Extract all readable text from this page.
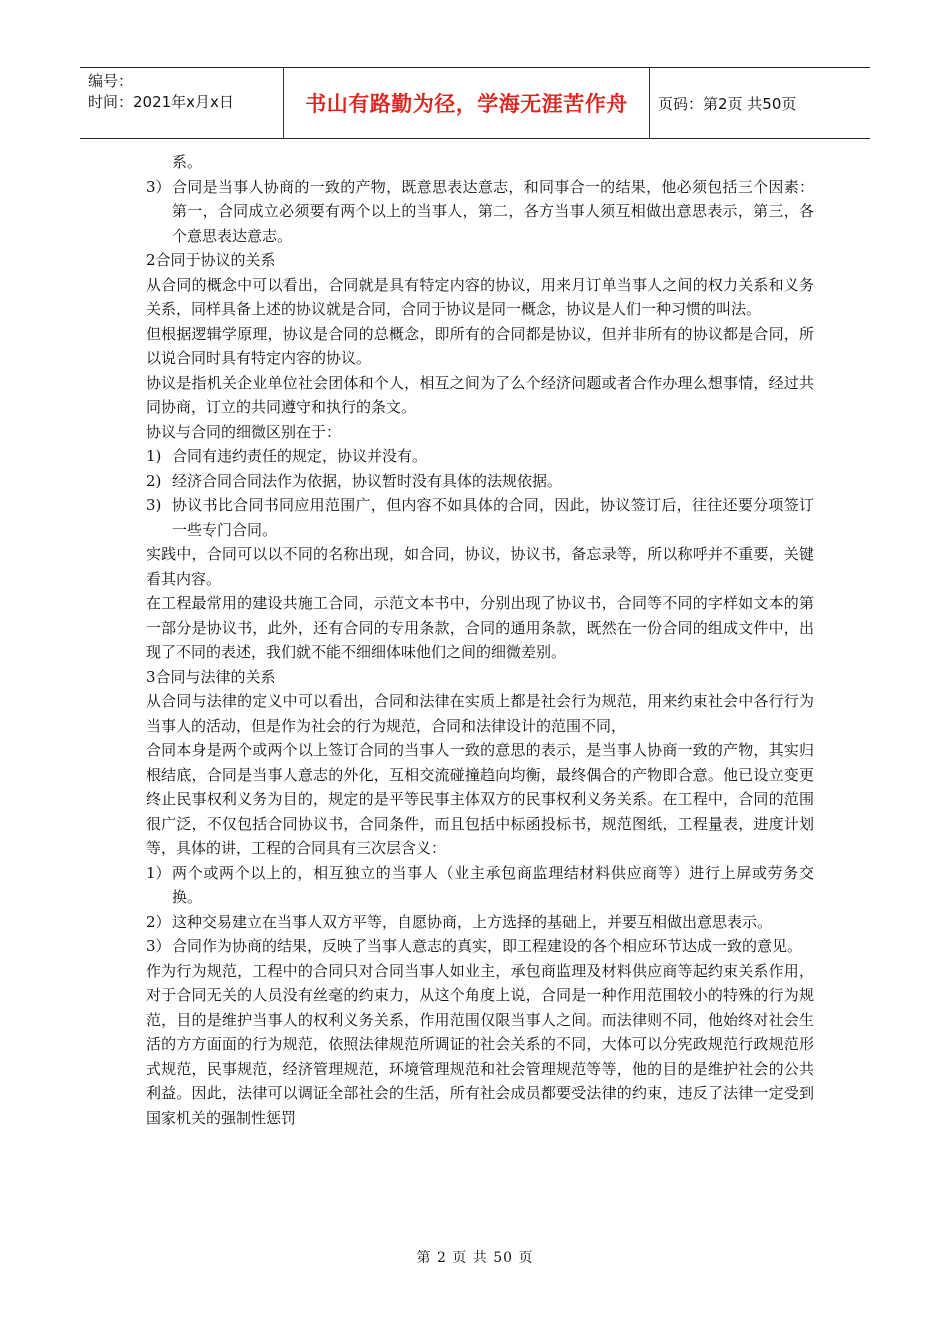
编号：
时间：2021年x月x日	书山有路勤为径，学海无涯苦作舟	页码：第2页 共50页

系。

3） 合同是当事人协商的一致的产物，既意思表达意志，和同事合一的结果，他必须包括三个因素：第一，合同成立必须要有两个以上的当事人，第二，各方当事人须互相做出意思表示，第三，各个意思表达意志。

2合同于协议的关系

从合同的概念中可以看出，合同就是具有特定内容的协议，用来月订单当事人之间的权力关系和义务关系，同样具备上述的协议就是合同，合同于协议是同一概念，协议是人们一种习惯的叫法。

但根据逻辑学原理，协议是合同的总概念，即所有的合同都是协议，但并非所有的协议都是合同，所以说合同时具有特定内容的协议。

协议是指机关企业单位社会团体和个人，相互之间为了么个经济问题或者合作办理么想事情，经过共同协商，订立的共同遵守和执行的条文。

协议与合同的细微区别在于：

1) 合同有违约责任的规定，协议并没有。
2) 经济合同合同法作为依据，协议暂时没有具体的法规依据。
3) 协议书比合同书同应用范围广，但内容不如具体的合同，因此，协议签订后，往往还要分项签订一些专门合同。

实践中，合同可以以不同的名称出现，如合同，协议，协议书，备忘录等，所以称呼并不重要，关键看其内容。

在工程最常用的建设共施工合同，示范文本书中，分别出现了协议书，合同等不同的字样如文本的第一部分是协议书，此外，还有合同的专用条款，合同的通用条款，既然在一份合同的组成文件中，出现了不同的表述，我们就不能不细细体味他们之间的细微差别。

3合同与法律的关系

从合同与法律的定义中可以看出，合同和法律在实质上都是社会行为规范，用来约束社会中各行行为当事人的活动，但是作为社会的行为规范，合同和法律设计的范围不同，

合同本身是两个或两个以上签订合同的当事人一致的意思的表示，是当事人协商一致的产物，其实归根结底，合同是当事人意志的外化，互相交流碰撞趋向均衡，最终偶合的产物即合意。他已设立变更终止民事权利义务为目的，规定的是平等民事主体双方的民事权利义务关系。在工程中，合同的范围很广泛，不仅包括合同协议书，合同条件，而且包括中标函投标书，规范图纸，工程量表，进度计划等，具体的讲，工程的合同具有三次层含义：

1） 两个或两个以上的，相互独立的当事人（业主承包商监理结材料供应商等）进行上屏或劳务交换。
2） 这种交易建立在当事人双方平等，自愿协商，上方选择的基础上，并要互相做出意思表示。
3） 合同作为协商的结果，反映了当事人意志的真实，即工程建设的各个相应环节达成一致的意见。

作为行为规范，工程中的合同只对合同当事人如业主，承包商监理及材料供应商等起约束关系作用，对于合同无关的人员没有丝毫的约束力，从这个角度上说，合同是一种作用范围较小的特殊的行为规范，目的是维护当事人的权利义务关系，作用范围仅限当事人之间。而法律则不同，他始终对社会生活的方方面面的行为规范，依照法律规范所调证的社会关系的不同，大体可以分宪政规范行政规范形式规范，民事规范，经济管理规范，环境管理规范和社会管理规范等等，他的目的是维护社会的公共利益。因此，法律可以调证全部社会的生活，所有社会成员都要受法律的约束，违反了法律一定受到国家机关的强制性惩罚

第 2 页 共 50 页
